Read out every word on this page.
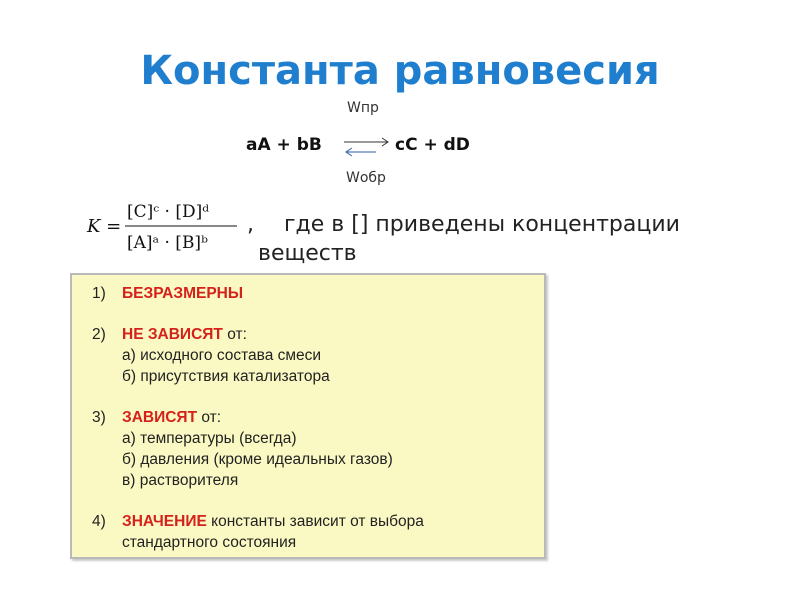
Константа равновесия
Wпр
aA + bB ⇌ cC + dD
Wобр
K =
[C]ᶜ · [D]ᵈ
[A]ᵃ · [B]ᵇ
,	где в [] приведены концентрации
веществ
1) БЕЗРАЗМЕРНЫ
2) НЕ ЗАВИСЯТ от:
а) исходного состава смеси
б) присутствия катализатора
3) ЗАВИСЯТ от:
а) температуры (всегда)
б) давления (кроме идеальных газов)
в) растворителя
4) ЗНАЧЕНИЕ константы зависит от выбора
стандартного состояния
